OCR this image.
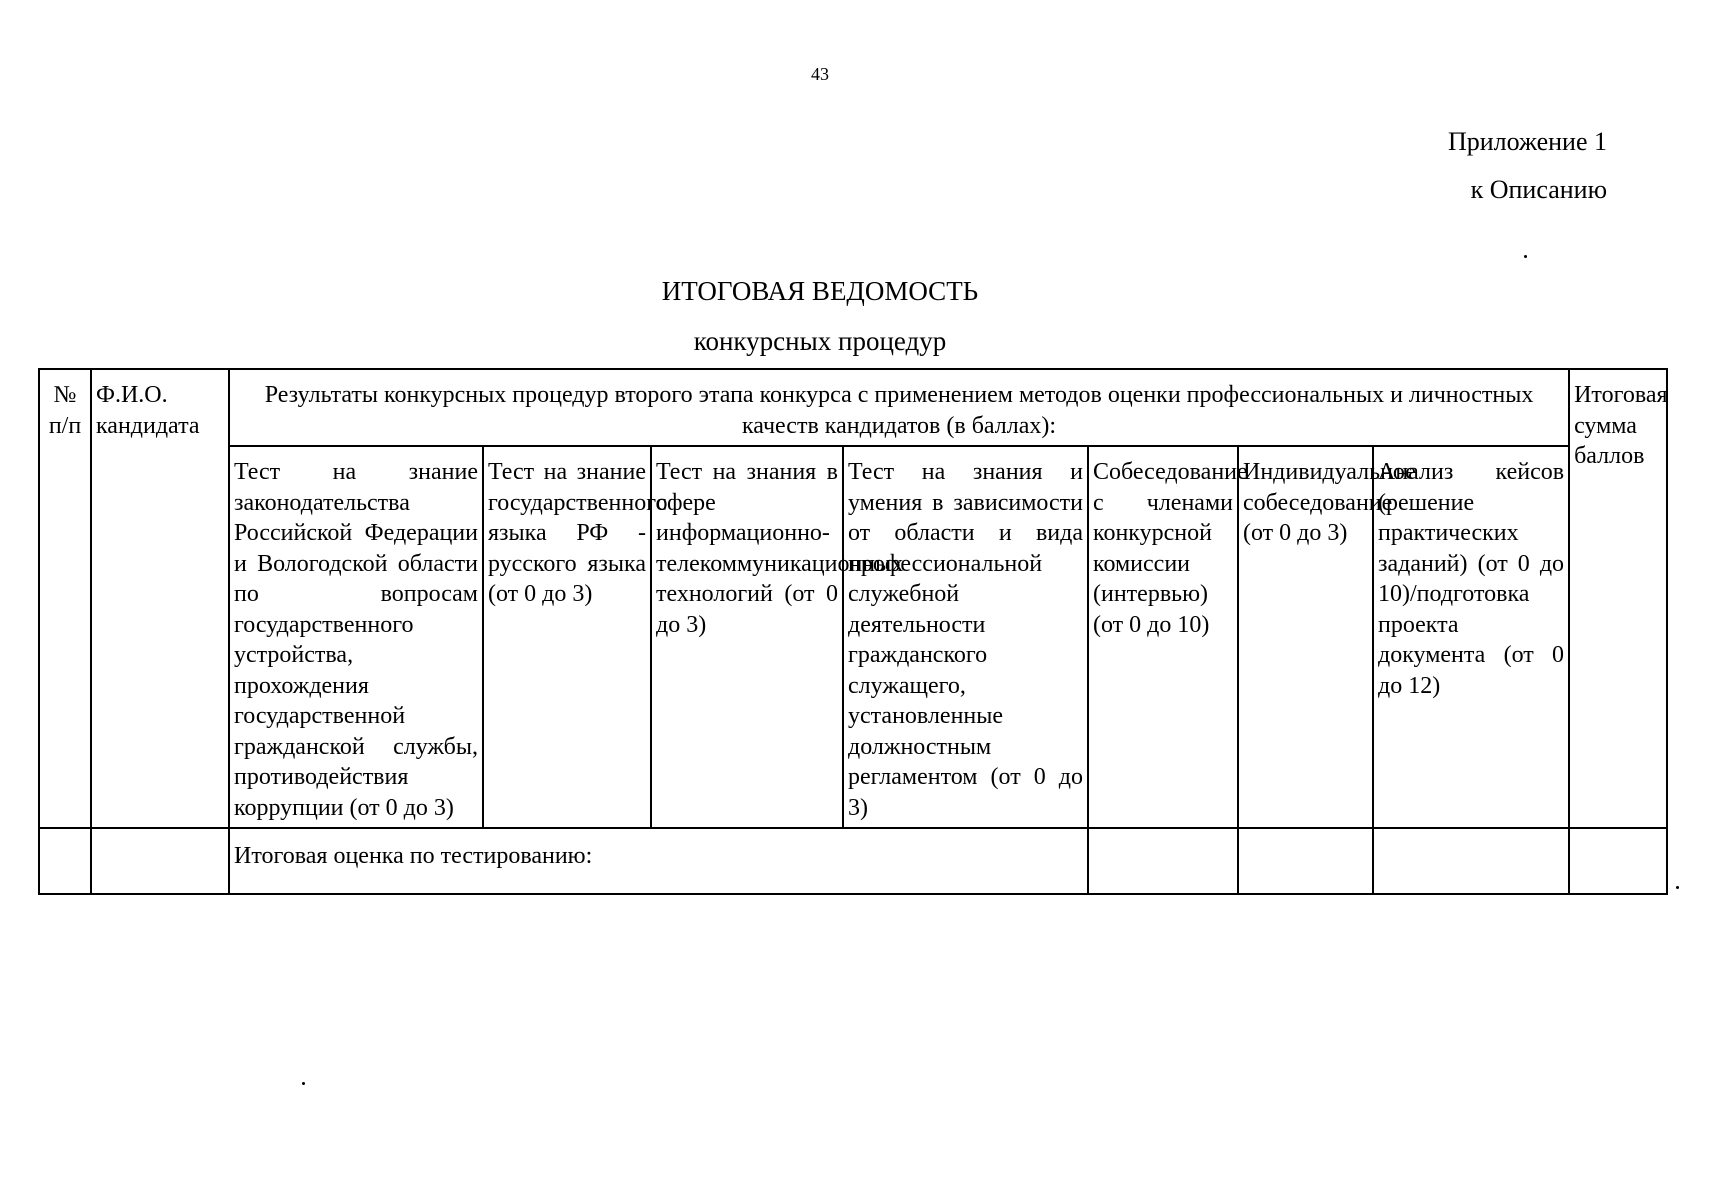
43
Приложение 1
к Описанию
ИТОГОВАЯ ВЕДОМОСТЬ
конкурсных процедур
№ п/п	Ф.И.О. кандидата	Результаты конкурсных процедур второго этапа конкурса с применением методов оценки профессиональных и личностных качеств кандидатов (в баллах):							Итоговая сумма баллов
		Тест на знание законодательства Российской Федерации и Вологодской области по вопросам государственного устройства, прохождения государственной гражданской службы, противодействия коррупции (от 0 до 3)	Тест на знание государственного языка РФ - русского языка (от 0 до 3)	Тест на знания в сфере информационно-телекоммуникационных технологий (от 0 до 3)	Тест на знания и умения в зависимости от области и вида профессиональной служебной деятельности гражданского служащего, установленные должностным регламентом (от 0 до 3)	Собеседование с членами конкурсной комиссии (интервью) (от 0 до 10)	Индивидуальное собеседование (от 0 до 3)	Анализ кейсов (решение практических заданий) (от 0 до 10)/подготовка проекта документа (от 0 до 12)	
		Итоговая оценка по тестированию:							
